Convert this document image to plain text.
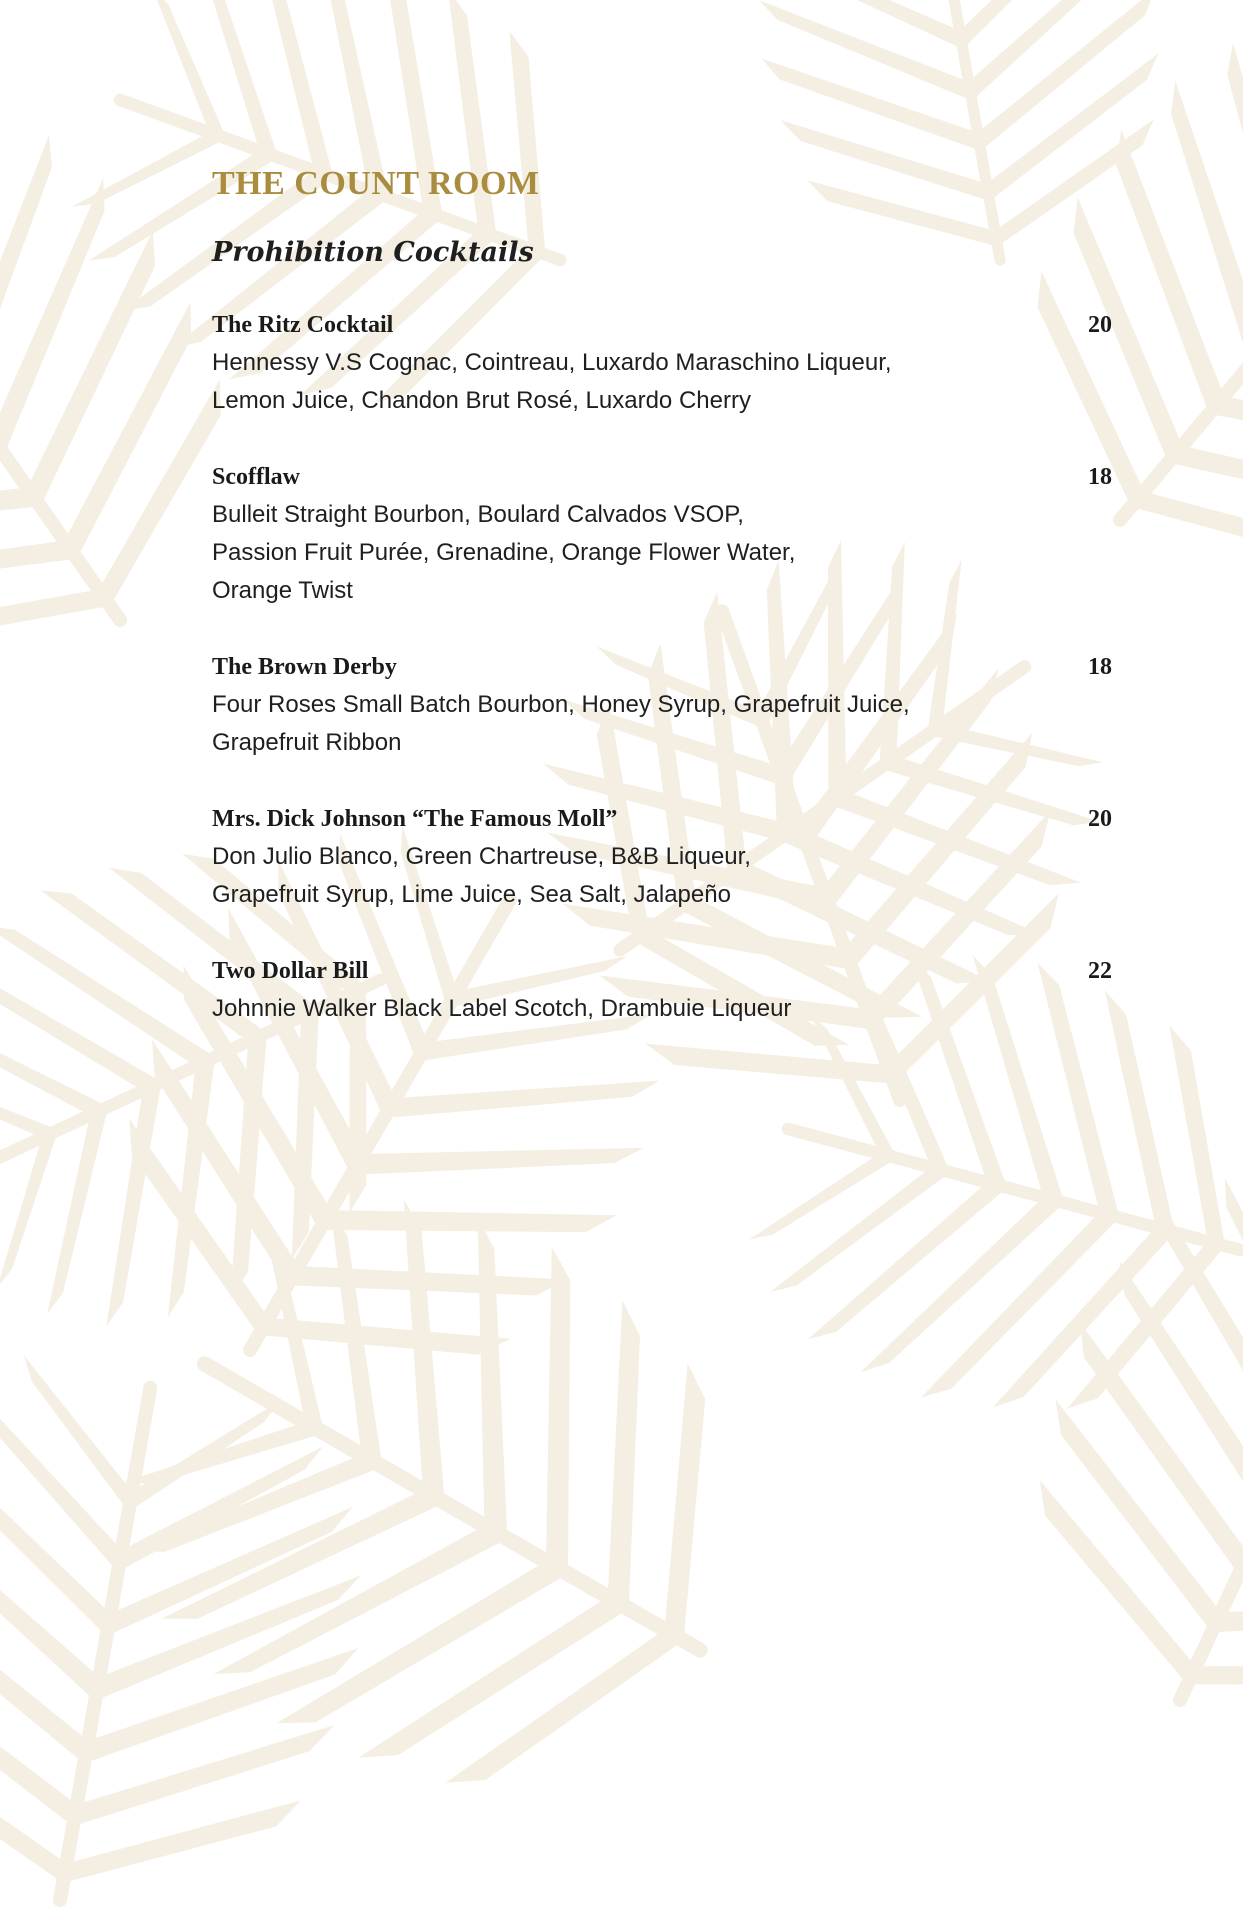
THE COUNT ROOM
Prohibition Cocktails
The Ritz Cocktail	20
Hennessy V.S Cognac, Cointreau, Luxardo Maraschino Liqueur,
Lemon Juice, Chandon Brut Rosé, Luxardo Cherry
Scofflaw	18
Bulleit Straight Bourbon, Boulard Calvados VSOP,
Passion Fruit Purée, Grenadine, Orange Flower Water,
Orange Twist
The Brown Derby	18
Four Roses Small Batch Bourbon, Honey Syrup, Grapefruit Juice,
Grapefruit Ribbon
Mrs. Dick Johnson “The Famous Moll”	20
Don Julio Blanco, Green Chartreuse, B&B Liqueur,
Grapefruit Syrup, Lime Juice, Sea Salt, Jalapeño
Two Dollar Bill	22
Johnnie Walker Black Label Scotch, Drambuie Liqueur
